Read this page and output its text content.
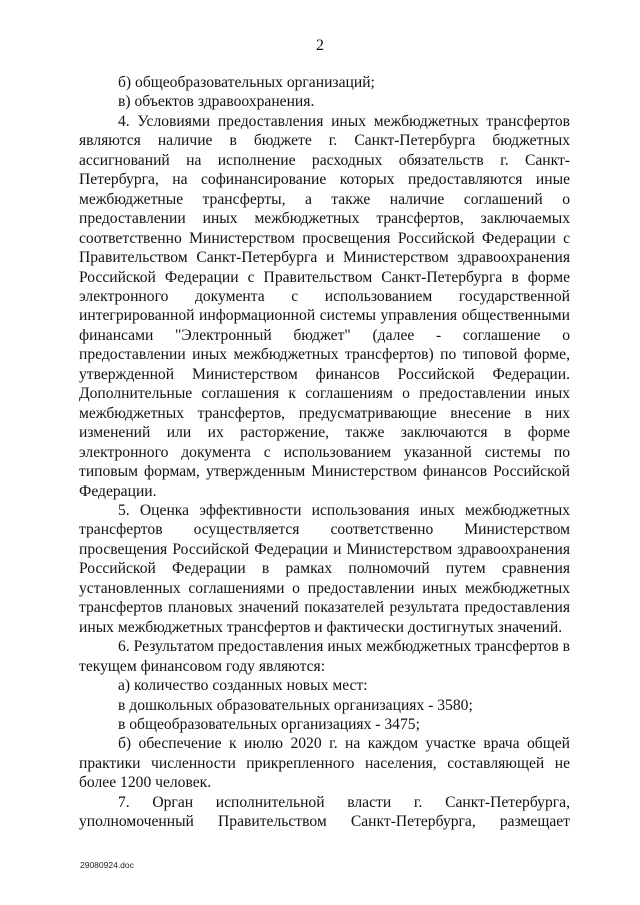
2

б) общеобразовательных организаций;

в) объектов здравоохранения.

4. Условиями предоставления иных межбюджетных трансфертов являются наличие в бюджете г. Санкт-Петербурга бюджетных ассигнований на исполнение расходных обязательств г. Санкт-Петербурга, на софинансирование которых предоставляются иные межбюджетные трансферты, а также наличие соглашений о предоставлении иных межбюджетных трансфертов, заключаемых соответственно Министерством просвещения Российской Федерации с Правительством Санкт-Петербурга и Министерством здравоохранения Российской Федерации с Правительством Санкт-Петербурга в форме электронного документа с использованием государственной интегрированной информационной системы управления общественными финансами "Электронный бюджет" (далее - соглашение о предоставлении иных межбюджетных трансфертов) по типовой форме, утвержденной Министерством финансов Российской Федерации. Дополнительные соглашения к соглашениям о предоставлении иных межбюджетных трансфертов, предусматривающие внесение в них изменений или их расторжение, также заключаются в форме электронного документа с использованием указанной системы по типовым формам, утвержденным Министерством финансов Российской Федерации.

5. Оценка эффективности использования иных межбюджетных трансфертов осуществляется соответственно Министерством просвещения Российской Федерации и Министерством здравоохранения Российской Федерации в рамках полномочий путем сравнения установленных соглашениями о предоставлении иных межбюджетных трансфертов плановых значений показателей результата предоставления иных межбюджетных трансфертов и фактически достигнутых значений.

6. Результатом предоставления иных межбюджетных трансфертов в текущем финансовом году являются:

а) количество созданных новых мест:

в дошкольных образовательных организациях - 3580;

в общеобразовательных организациях - 3475;

б) обеспечение к июлю 2020 г. на каждом участке врача общей практики численности прикрепленного населения, составляющей не более 1200 человек.

7. Орган исполнительной власти г. Санкт-Петербурга, уполномоченный Правительством Санкт-Петербурга, размещает

29080924.doc
